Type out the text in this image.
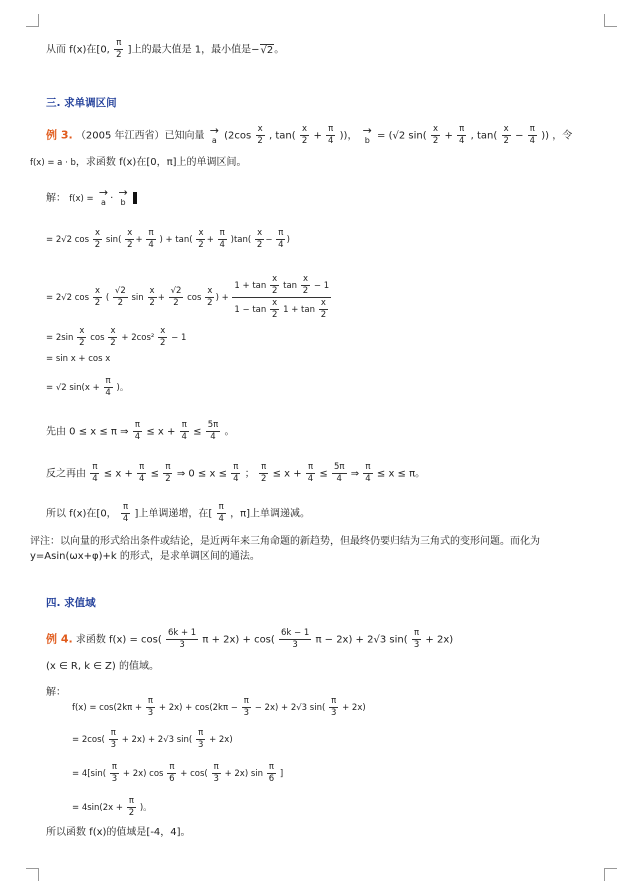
从而 f(x)在[0, $\frac{\pi}{2}$ ]上的最大值是 1，最小值是−√2。
三. 求单调区间
例 3. （2005 年江西省）已知向量 →
a ($2\cos \frac{x}{2}$ , $\tan( \frac{x}{2} + \frac{\pi}{4}$ ))， →
b = (√2 $\sin( \frac{x}{2} + \frac{\pi}{4}$ , $\tan( \frac{x}{2} - \frac{\pi}{4}$ )) ，令
f(x) = a · b，求函数 f(x)在[0，π]上的单调区间。
解： f(x) = →
a · →
b

= 2√2 $\cos \frac{x}{2} \sin( \frac{x}{2} + \frac{\pi}{4}$ ) + $\tan( \frac{x}{2} + \frac{\pi}{4} )\tan( \frac{x}{2} - \frac{\pi}{4}$ )
= 2√2 $\cos \frac{x}{2}$ ( $\frac{√2}{2}$ $\sin \frac{x}{2} + \frac{√2}{2}$ $\cos \frac{x}{2}$ ) + $\frac{1 + \tan \frac{x}{2} \tan \frac{x}{2} - 1}{1 - \tan \frac{x}{2} 1 + \tan \frac{x}{2}}$
= $2\sin \frac{x}{2}$ $\cos \frac{x}{2} + 2\cos^2 \frac{x}{2} - 1$
= sin x + cos x
= √2 $\sin(x + \frac{\pi}{4}$ )。
先由 0 ≤ x ≤ π ⇒ $\frac{\pi}{4} \le x + \frac{\pi}{4} \le \frac{5\pi}{4}$ 。
反之再由 $\frac{\pi}{4} \le x + \frac{\pi}{4} \le \frac{\pi}{2}$ ⇒ $0 \le x \le \frac{\pi}{4}$ ； $\frac{\pi}{2} \le x + \frac{\pi}{4} \le \frac{5\pi}{4}$ ⇒ $\frac{\pi}{4} \le x \le \pi$。
所以 f(x)在[0， $\frac{\pi}{4}$ ]上单调递增，在[ $\frac{\pi}{4}$ ，π]上单调递减。
评注：以向量的形式给出条件或结论，是近两年来三角命题的新趋势，但最终仍要归结为三角式的变形问题。而化为 y=Asin(ωx+φ)+k 的形式，是求单调区间的通法。
四. 求值域
例 4. 求函数 $f(x) = \cos( \frac{6k + 1}{3}$ $\pi + 2x) + \cos( \frac{6k - 1}{3}$ π − 2x) + 2√3 $\sin( \frac{\pi}{3} + 2x)$
(x ∈ R, k ∈ Z) 的值域。
解：
$f(x) = \cos(2k\pi + \frac{\pi}{3} + 2x) + \cos(2k\pi - \frac{\pi}{3} - 2x) + 2√3$ $\sin( \frac{\pi}{3} + 2x)$
= $2\cos( \frac{\pi}{3} + 2x) + 2√3$ $\sin( \frac{\pi}{3} + 2x)$
= $4[\sin( \frac{\pi}{3} + 2x)$ $\cos \frac{\pi}{6} + \cos( \frac{\pi}{3} + 2x)$ $\sin \frac{\pi}{6}$ ]
= $4\sin(2x + \frac{\pi}{2}$ )。
所以函数 f(x)的值域是[-4，4]。
